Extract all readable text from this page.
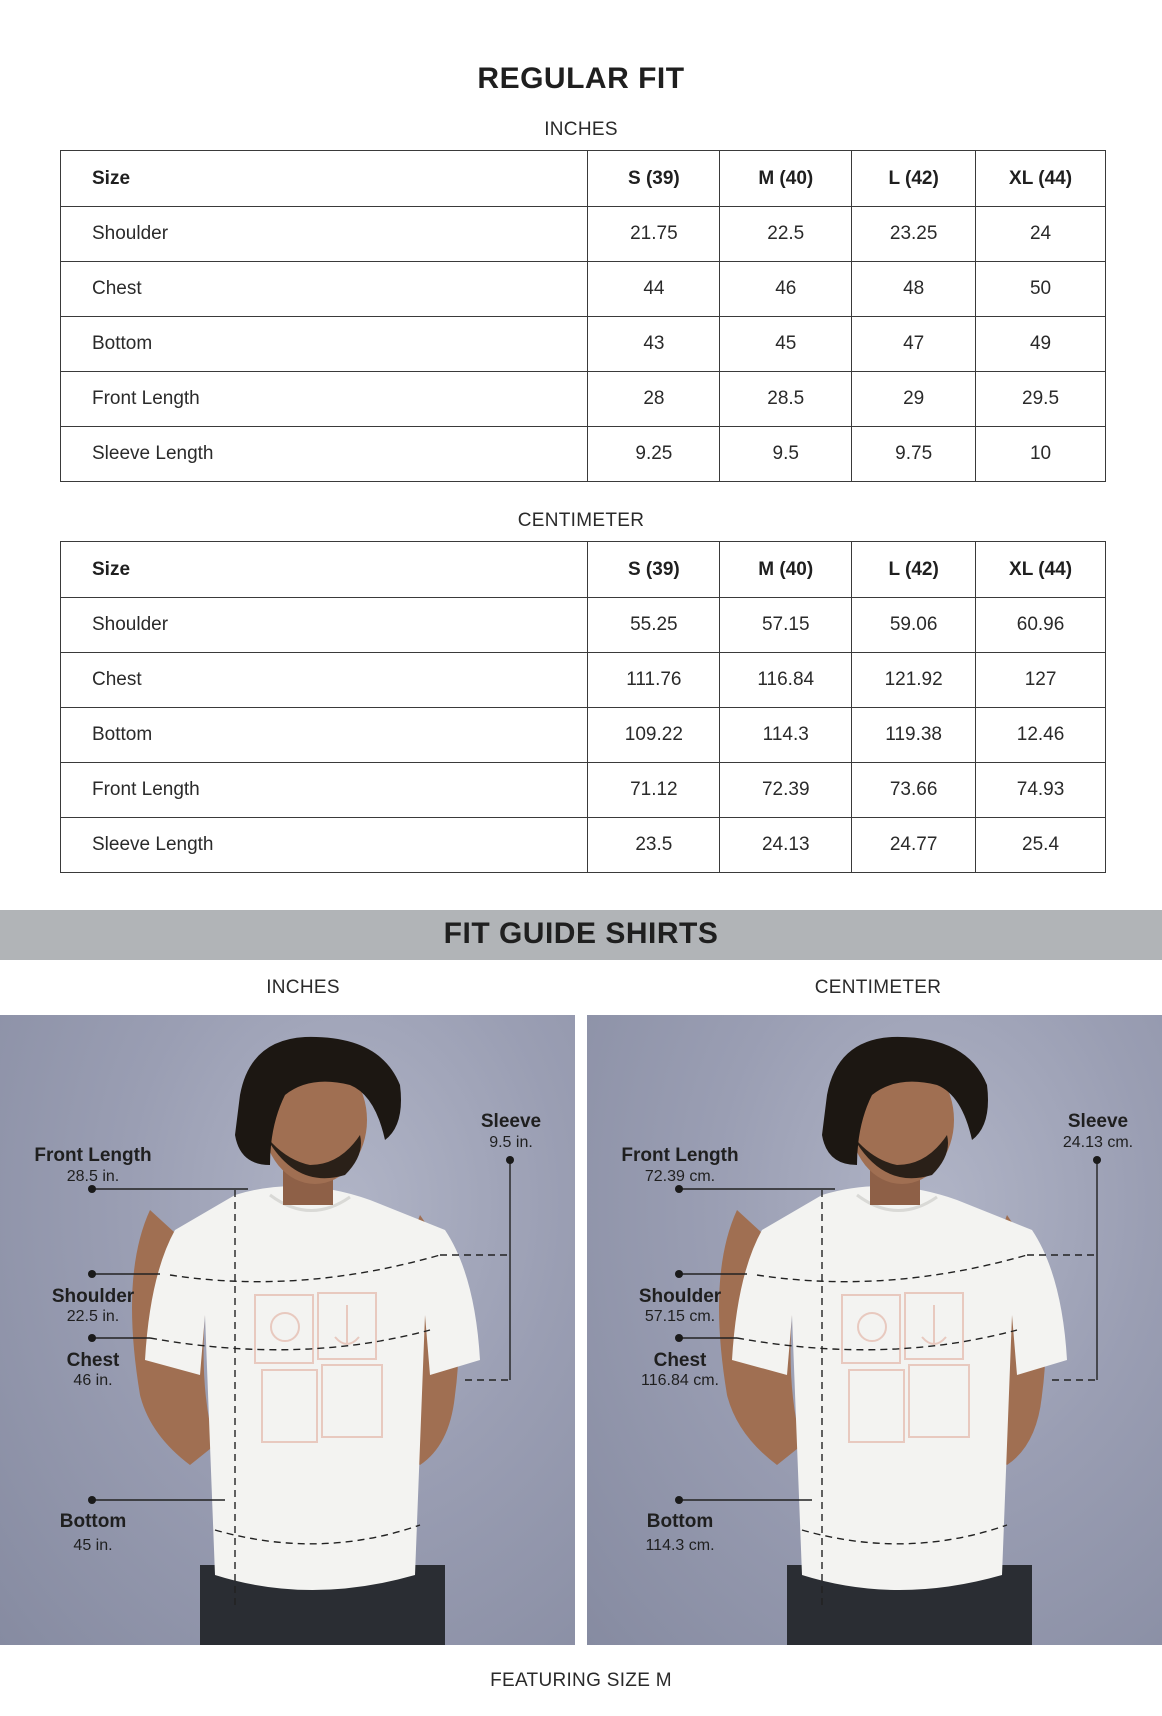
REGULAR FIT
INCHES
Size	S (39)	M (40)	L (42)	XL (44)
Shoulder	21.75	22.5	23.25	24
Chest	44	46	48	50
Bottom	43	45	47	49
Front Length	28	28.5	29	29.5
Sleeve Length	9.25	9.5	9.75	10
CENTIMETER
Size	S (39)	M (40)	L (42)	XL (44)
Shoulder	55.25	57.15	59.06	60.96
Chest	111.76	116.84	121.92	127
Bottom	109.22	114.3	119.38	12.46
Front Length	71.12	72.39	73.66	74.93
Sleeve Length	23.5	24.13	24.77	25.4
FIT GUIDE SHIRTS
INCHES	CENTIMETER
Front Length
28.5 in.
Sleeve
9.5 in.
Shoulder
22.5 in.
Chest
46 in.
Bottom
45 in.
Front Length
72.39 cm.
Sleeve
24.13 cm.
Shoulder
57.15 cm.
Chest
116.84 cm.
Bottom
114.3 cm.
FEATURING SIZE M
